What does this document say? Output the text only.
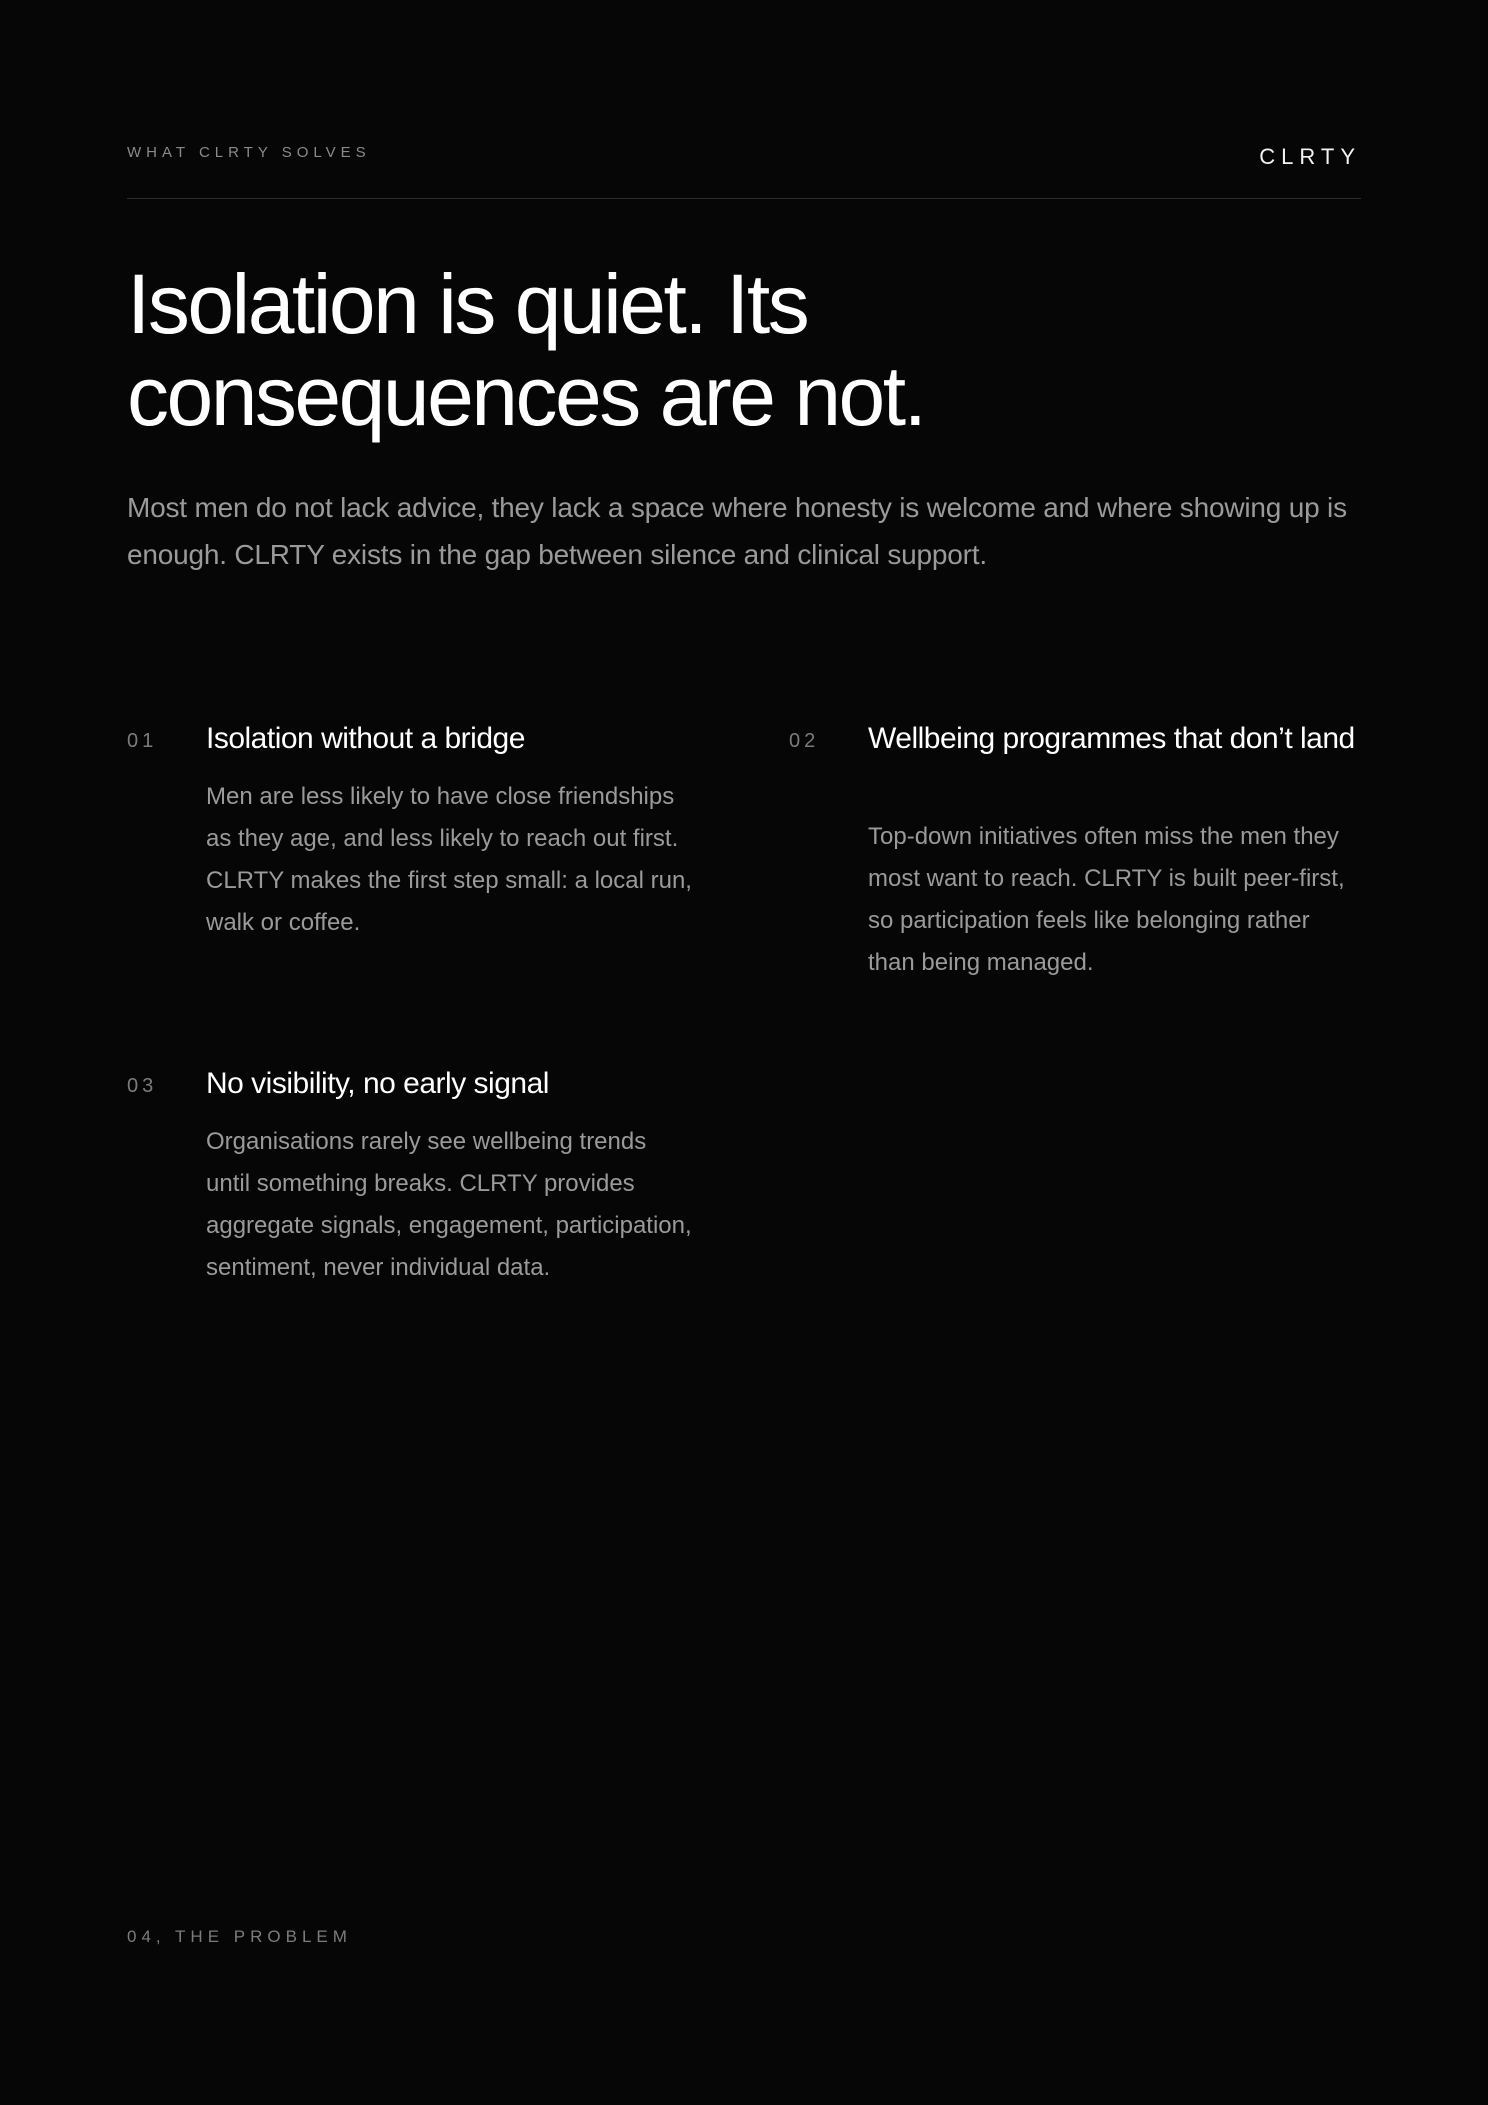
WHAT CLRTY SOLVES	CLRTY
Isolation is quiet. Its
consequences are not.

Most men do not lack advice, they lack a space where honesty is welcome and where showing up is enough. CLRTY exists in the gap between silence and clinical support.

01 Isolation without a bridge

Men are less likely to have close friendships as they age, and less likely to reach out first. CLRTY makes the first step small: a local run, walk or coffee.

02 Wellbeing programmes that don’t land

Top-down initiatives often miss the men they most want to reach. CLRTY is built peer-first, so participation feels like belonging rather than being managed.

03 No visibility, no early signal

Organisations rarely see wellbeing trends until something breaks. CLRTY provides aggregate signals, engagement, participation, sentiment, never individual data.

04, THE PROBLEM
